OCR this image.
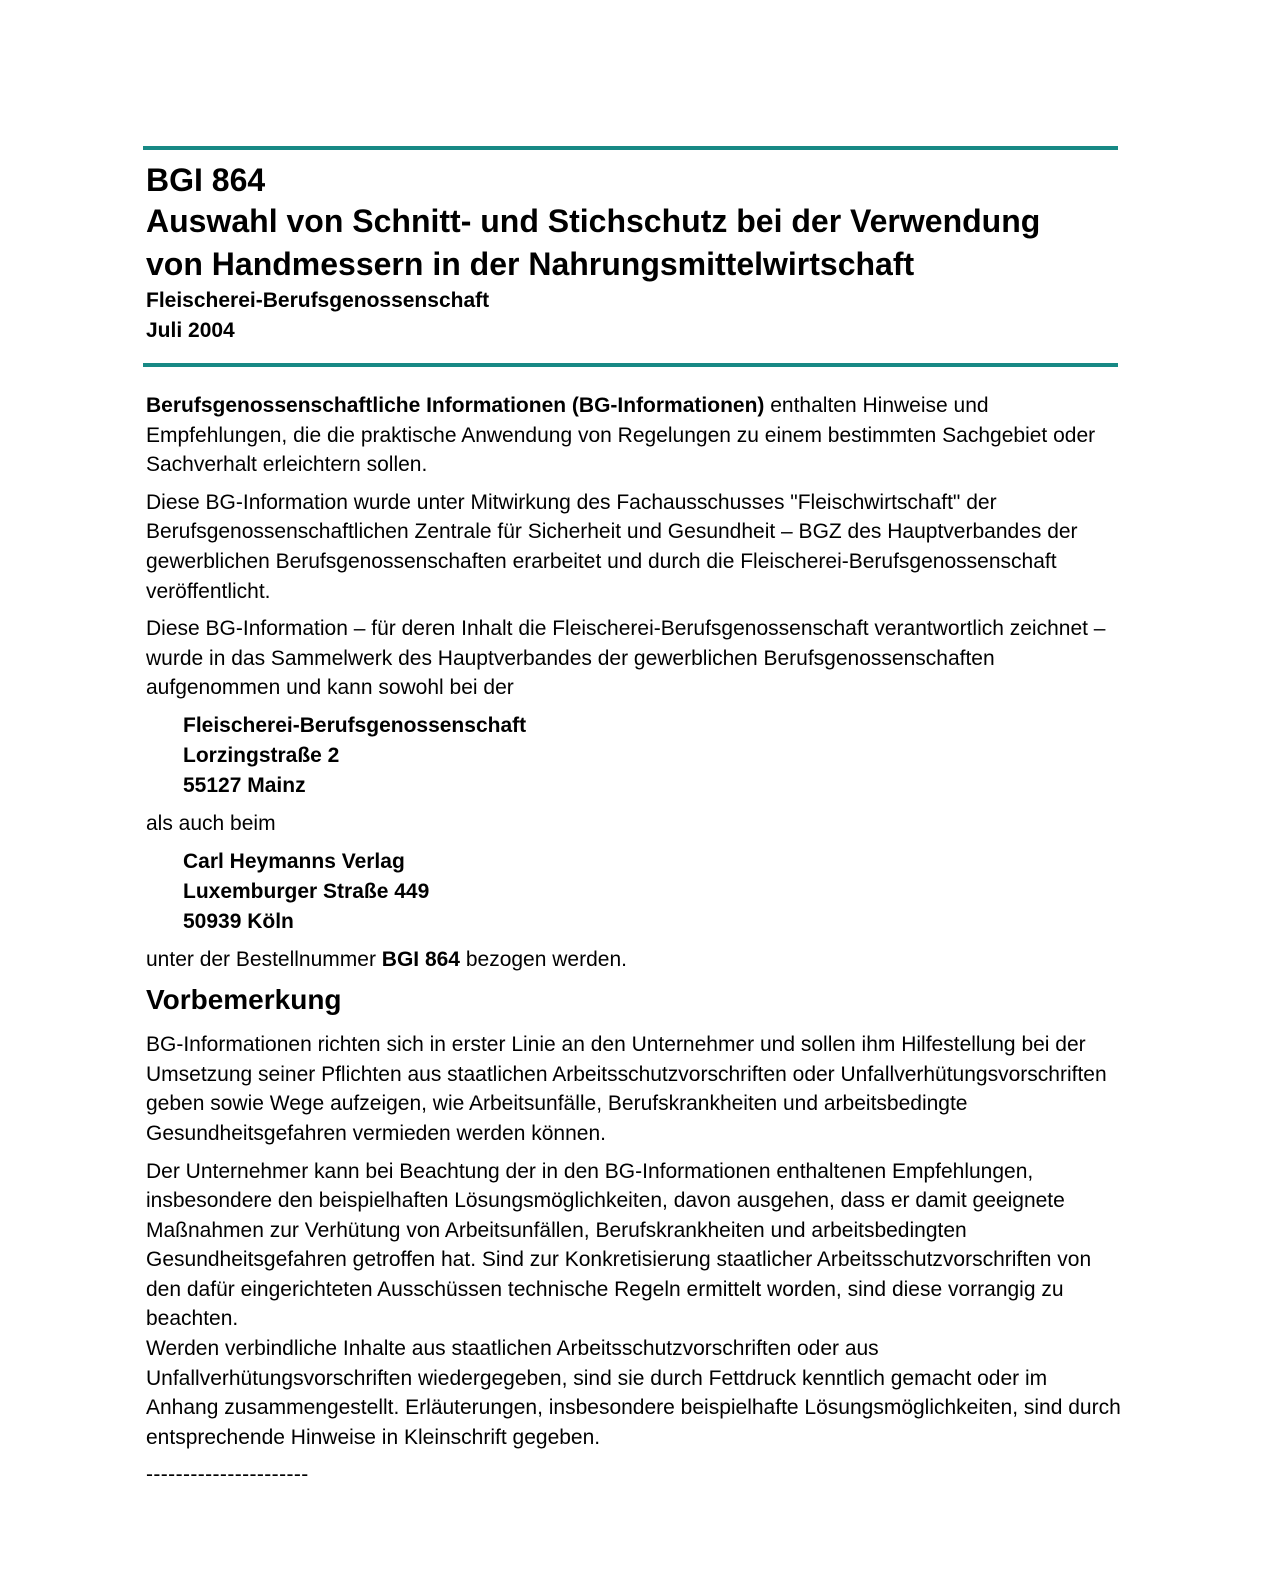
BGI 864
Auswahl von Schnitt- und Stichschutz bei der Verwendung
von Handmessern in der Nahrungsmittelwirtschaft
Fleischerei-Berufsgenossenschaft
Juli 2004

Berufsgenossenschaftliche Informationen (BG-Informationen) enthalten Hinweise und Empfehlungen, die die praktische Anwendung von Regelungen zu einem bestimmten Sachgebiet oder Sachverhalt erleichtern sollen.

Diese BG-Information wurde unter Mitwirkung des Fachausschusses "Fleischwirtschaft" der Berufsgenossenschaftlichen Zentrale für Sicherheit und Gesundheit – BGZ des Hauptverbandes der gewerblichen Berufsgenossenschaften erarbeitet und durch die Fleischerei-Berufsgenossenschaft veröffentlicht.

Diese BG-Information – für deren Inhalt die Fleischerei-Berufsgenossenschaft verantwortlich zeichnet – wurde in das Sammelwerk des Hauptverbandes der gewerblichen Berufsgenossenschaften aufgenommen und kann sowohl bei der

Fleischerei-Berufsgenossenschaft
Lorzingstraße 2
55127 Mainz

als auch beim

Carl Heymanns Verlag
Luxemburger Straße 449
50939 Köln

unter der Bestellnummer BGI 864 bezogen werden.

Vorbemerkung

BG-Informationen richten sich in erster Linie an den Unternehmer und sollen ihm Hilfestellung bei der Umsetzung seiner Pflichten aus staatlichen Arbeitsschutzvorschriften oder Unfallverhütungsvorschriften geben sowie Wege aufzeigen, wie Arbeitsunfälle, Berufskrankheiten und arbeitsbedingte Gesundheitsgefahren vermieden werden können.

Der Unternehmer kann bei Beachtung der in den BG-Informationen enthaltenen Empfehlungen, insbesondere den beispielhaften Lösungsmöglichkeiten, davon ausgehen, dass er damit geeignete Maßnahmen zur Verhütung von Arbeitsunfällen, Berufskrankheiten und arbeitsbedingten Gesundheitsgefahren getroffen hat. Sind zur Konkretisierung staatlicher Arbeitsschutzvorschriften von den dafür eingerichteten Ausschüssen technische Regeln ermittelt worden, sind diese vorrangig zu beachten.

Werden verbindliche Inhalte aus staatlichen Arbeitsschutzvorschriften oder aus Unfallverhütungsvorschriften wiedergegeben, sind sie durch Fettdruck kenntlich gemacht oder im Anhang zusammengestellt. Erläuterungen, insbesondere beispielhafte Lösungsmöglichkeiten, sind durch entsprechende Hinweise in Kleinschrift gegeben.

----------------------
